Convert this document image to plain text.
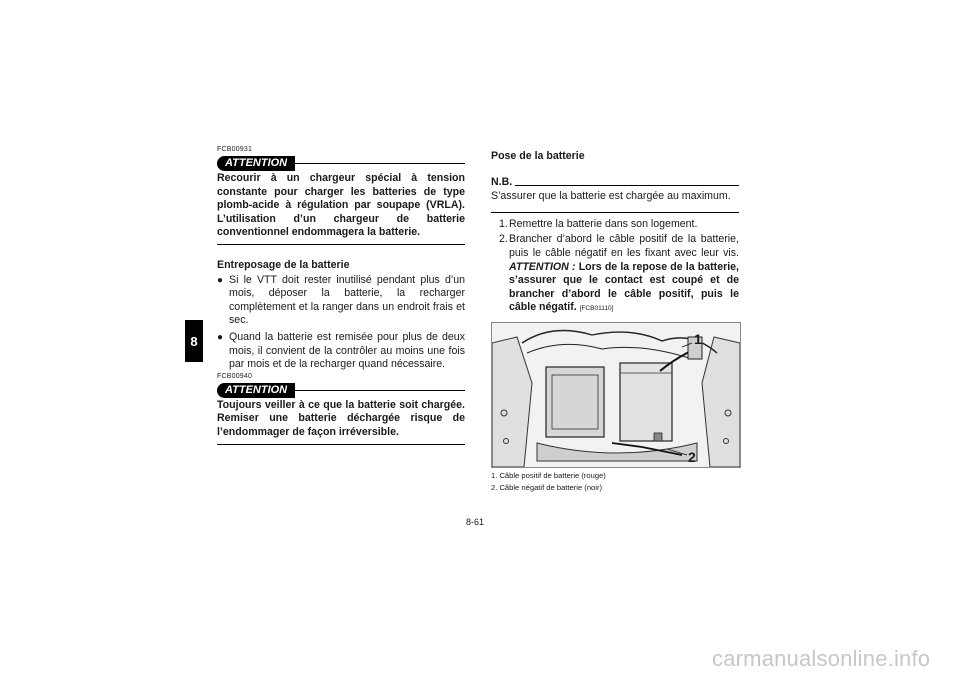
8
FCB00931
ATTENTION
Recourir à un chargeur spécial à tension constante pour charger les batteries de type plomb-acide à régulation par soupape (VRLA). L’utilisation d’un chargeur de batterie conventionnel endommagera la batterie.
Entreposage de la batterie
● Si le VTT doit rester inutilisé pendant plus d’un mois, déposer la batterie, la recharger complètement et la ranger dans un endroit frais et sec.
● Quand la batterie est remisée pour plus de deux mois, il convient de la contrôler au moins une fois par mois et de la recharger quand nécessaire.
FCB00940
ATTENTION
Toujours veiller à ce que la batterie soit chargée. Remiser une batterie déchargée risque de l’endommager de façon irréversible.
Pose de la batterie
N.B.
S’assurer que la batterie est chargée au maximum.
1. Remettre la batterie dans son logement.
2. Brancher d’abord le câble positif de la batterie, puis le câble négatif en les fixant avec leur vis. ATTENTION : Lors de la repose de la batterie, s’assurer que le contact est coupé et de brancher d’abord le câble positif, puis le câble négatif. [FCB01110]
1
2
1. Câble positif de batterie (rouge)
2. Câble négatif de batterie (noir)
8-61
carmanualsonline.info
